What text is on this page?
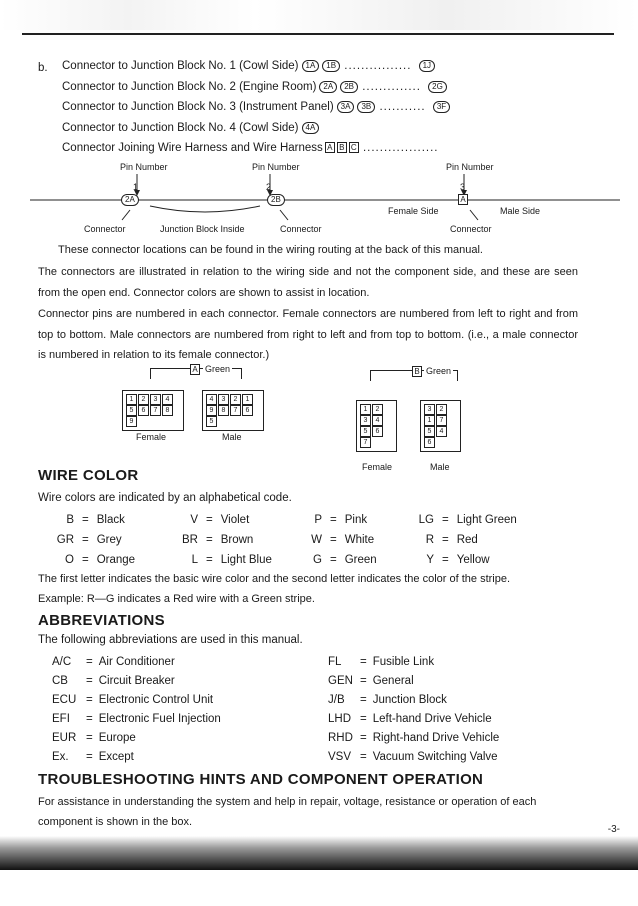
b. Connector to Junction Block No. 1 (Cowl Side) 1A 1B ................ 1J
Connector to Junction Block No. 2 (Engine Room) 2A 2B .............. 2G
Connector to Junction Block No. 3 (Instrument Panel) 3A 3B ........... 3F
Connector to Junction Block No. 4 (Cowl Side) 4A
Connector Joining Wire Harness and Wire Harness A B C ..................
Pin Number	Pin Number	Pin Number
1	2	3
2A	2B	A
Connector	Junction Block Inside	Connector
Female Side	Male Side
Connector
These connector locations can be found in the wiring routing at the back of this manual.
The connectors are illustrated in relation to the wiring side and not the component side, and these are seen from the open end. Connector colors are shown to assist in location.
Connector pins are numbered in each connector. Female connectors are numbered from left to right and from top to bottom. Male connectors are numbered from right to left and from top to bottom. (i.e., a male connector is numbered in relation to its female connector.)
A Green
1	2	3	4
5	6	7	8
9
4	3	2	1
9	8	7	6
5
Female	Male
B Green
1	2
3	4
5	6
7
3	2
1	7
5	4
6
Female	Male
WIRE COLOR
Wire colors are indicated by an alphabetical code.
B = Black	V = Violet	P = Pink	LG = Light Green
GR = Grey	BR = Brown	W = White	R = Red
O = Orange	L = Light Blue	G = Green	Y = Yellow
The first letter indicates the basic wire color and the second letter indicates the color of the stripe.
Example: R—G indicates a Red wire with a Green stripe.
ABBREVIATIONS
The following abbreviations are used in this manual.
A/C = Air Conditioner
CB = Circuit Breaker
ECU = Electronic Control Unit
EFI = Electronic Fuel Injection
EUR = Europe
Ex. = Except
FL = Fusible Link
GEN = General
J/B = Junction Block
LHD = Left-hand Drive Vehicle
RHD = Right-hand Drive Vehicle
VSV = Vacuum Switching Valve
TROUBLESHOOTING HINTS AND COMPONENT OPERATION
For assistance in understanding the system and help in repair, voltage, resistance or operation of each component is shown in the box.
-3-
